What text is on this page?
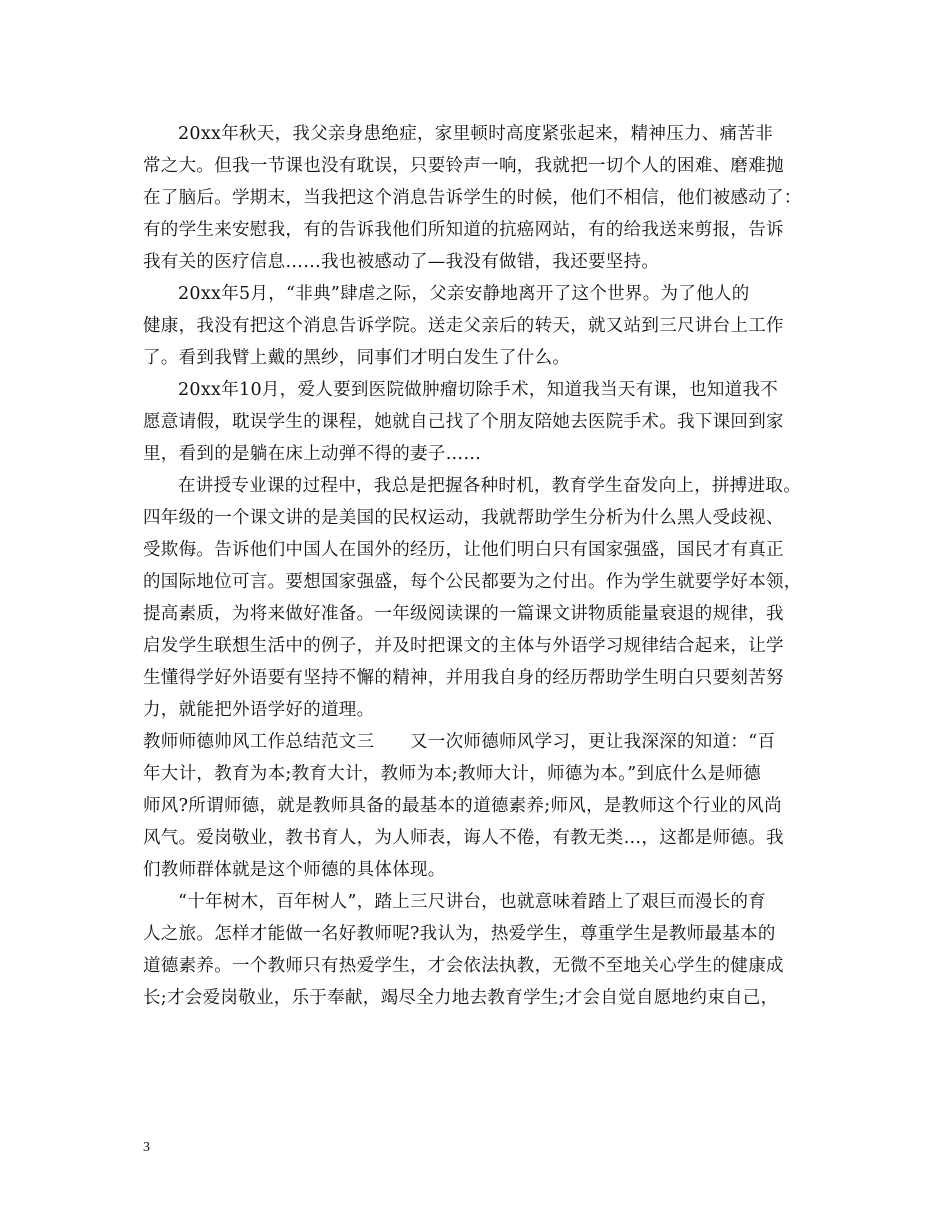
20xx年秋天，我父亲身患绝症，家里顿时高度紧张起来，精神压力、痛苦非
常之大。但我一节课也没有耽误，只要铃声一响，我就把一切个人的困难、磨难抛
在了脑后。学期末，当我把这个消息告诉学生的时候，他们不相信，他们被感动了：
有的学生来安慰我，有的告诉我他们所知道的抗癌网站，有的给我送来剪报，告诉
我有关的医疗信息……我也被感动了—我没有做错，我还要坚持。
20xx年5月，“非典”肆虐之际，父亲安静地离开了这个世界。为了他人的
健康，我没有把这个消息告诉学院。送走父亲后的转天，就又站到三尺讲台上工作
了。看到我臂上戴的黑纱，同事们才明白发生了什么。
20xx年10月，爱人要到医院做肿瘤切除手术，知道我当天有课，也知道我不
愿意请假，耽误学生的课程，她就自己找了个朋友陪她去医院手术。我下课回到家
里，看到的是躺在床上动弹不得的妻子……
在讲授专业课的过程中，我总是把握各种时机，教育学生奋发向上，拼搏进取。
四年级的一个课文讲的是美国的民权运动，我就帮助学生分析为什么黑人受歧视、
受欺侮。告诉他们中国人在国外的经历，让他们明白只有国家强盛，国民才有真正
的国际地位可言。要想国家强盛，每个公民都要为之付出。作为学生就要学好本领，
提高素质，为将来做好准备。一年级阅读课的一篇课文讲物质能量衰退的规律，我
启发学生联想生活中的例子，并及时把课文的主体与外语学习规律结合起来，让学
生懂得学好外语要有坚持不懈的精神，并用我自身的经历帮助学生明白只要刻苦努
力，就能把外语学好的道理。
教师师德帅风工作总结范文三　　又一次师德师风学习，更让我深深的知道：“百
年大计，教育为本;教育大计，教师为本;教师大计，师德为本。”到底什么是师德
师风?所谓师德，就是教师具备的最基本的道德素养;师风，是教师这个行业的风尚
风气。爱岗敬业，教书育人，为人师表，诲人不倦，有教无类…，这都是师德。我
们教师群体就是这个师德的具体体现。
“十年树木，百年树人”，踏上三尺讲台，也就意味着踏上了艰巨而漫长的育
人之旅。怎样才能做一名好教师呢?我认为，热爱学生，尊重学生是教师最基本的
道德素养。一个教师只有热爱学生，才会依法执教，无微不至地关心学生的健康成
长;才会爱岗敬业，乐于奉献，竭尽全力地去教育学生;才会自觉自愿地约束自己，
3
